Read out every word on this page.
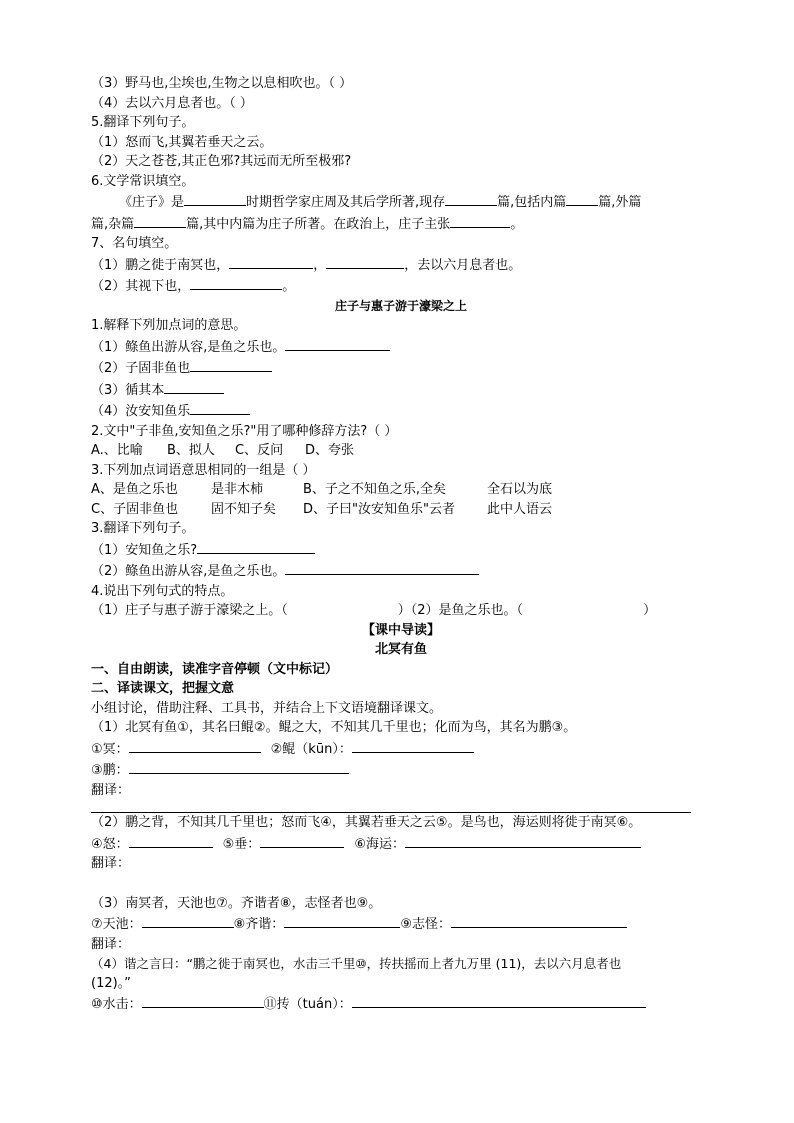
（3）野马也,尘埃也,生物之以息相吹也。（ ）
（4）去以六月息者也。（ ）
5.翻译下列句子。
（1）怒而飞,其翼若垂天之云。
（2）天之苍苍,其正色邪?其远而无所至极邪?
6.文学常识填空。
《庄子》是	时期哲学家庄周及其后学所著,现存	篇,包括内篇 篇,外篇
篇,杂篇	篇,其中内篇为庄子所著。在政治上，庄子主张	。
7、名句填空。
（1）鹏之徙于南冥也，	，	，去以六月息者也。
（2）其视下也，	。
庄子与惠子游于濠梁之上
1.解释下列加点词的意思。
（1）鲦鱼出游从容,是鱼之乐也。
（2）子固非鱼也
（3）循其本
（4）汝安知鱼乐
2.文中"子非鱼,安知鱼之乐?"用了哪种修辞方法?（ ）
A.、比喻 B、拟人 C、反问 D、夸张
3.下列加点词语意思相同的一组是（ ）
A、是鱼之乐也	是非木柿	B、子之不知鱼之乐,全矣	全石以为底
C、子固非鱼也	固不知子矣 D、子曰"汝安知鱼乐"云者 此中人语云
3.翻译下列句子。
（1）安知鱼之乐?
（2）鲦鱼出游从容,是鱼之乐也。
4.说出下列句式的特点。
（1）庄子与惠子游于濠梁之上。（	）（2）是鱼之乐也。（	）
【课中导读】
北冥有鱼
一、自由朗读，读准字音停顿（文中标记）
二、译读课文，把握文意
小组讨论，借助注释、工具书，并结合上下文语境翻译课文。
（1）北冥有鱼①，其名曰鲲②。鲲之大，不知其几千里也；化而为鸟，其名为鹏③。
①冥：	②鲲（kūn）：
③鹏：
翻译：
（2）鹏之背，不知其几千里也；怒而飞④，其翼若垂天之云⑤。是鸟也，海运则将徙于南冥⑥。
④怒：	⑤垂：	⑥海运：
翻译：
（3）南冥者，天池也⑦。齐谐者⑧，志怪者也⑨。
⑦天池：	⑧齐谐：	⑨志怪：
翻译：
（4）谐之言曰：“鹏之徙于南冥也，水击三千里⑩，抟扶摇而上者九万里 (11)，去以六月息者也
(12)。”
⑩水击：	⑪抟（tuán）：
